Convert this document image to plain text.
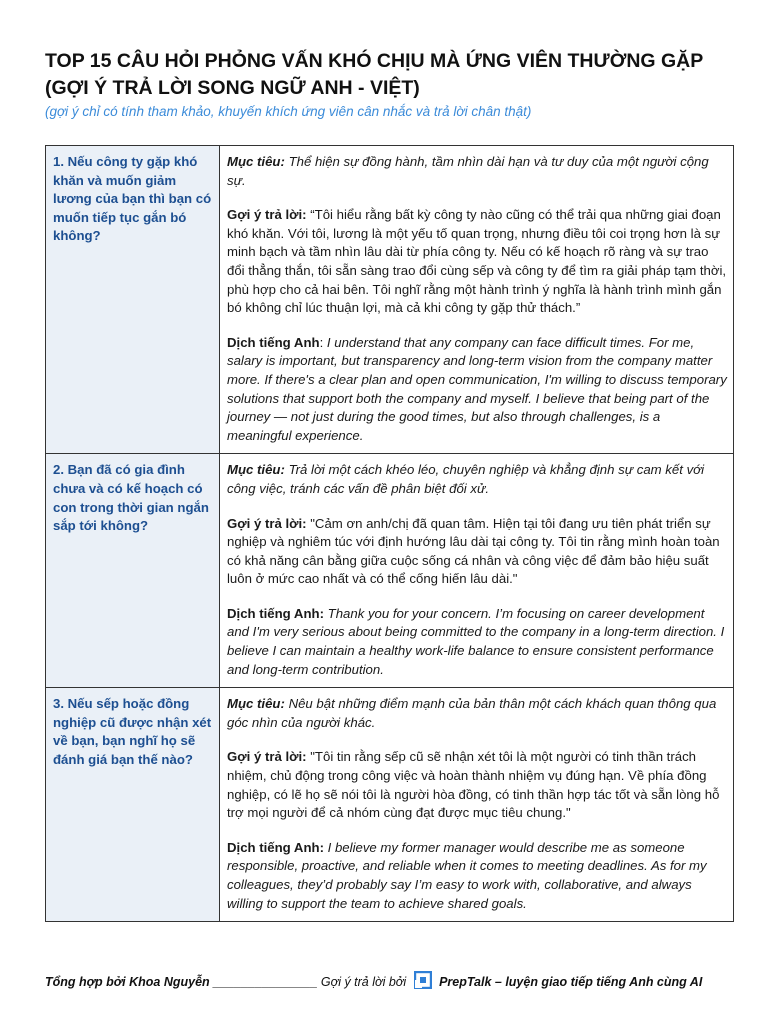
TOP 15 CÂU HỎI PHỎNG VẤN KHÓ CHỊU MÀ ỨNG VIÊN THƯỜNG GẶP (GỢI Ý TRẢ LỜI SONG NGỮ ANH - VIỆT)

(gợi ý chỉ có tính tham khảo, khuyến khích ứng viên cân nhắc và trả lời chân thật)

1. Nếu công ty gặp khó khăn và muốn giảm lương của bạn thì bạn có muốn tiếp tục gắn bó không?	Mục tiêu: Thể hiện sự đồng hành, tầm nhìn dài hạn và tư duy của một người cộng sự.

Gợi ý trả lời: “Tôi hiểu rằng bất kỳ công ty nào cũng có thể trải qua những giai đoạn khó khăn. Với tôi, lương là một yếu tố quan trọng, nhưng điều tôi coi trọng hơn là sự minh bạch và tầm nhìn lâu dài từ phía công ty. Nếu có kế hoạch rõ ràng và sự trao đổi thẳng thắn, tôi sẵn sàng trao đổi cùng sếp và công ty để tìm ra giải pháp tạm thời, phù hợp cho cả hai bên. Tôi nghĩ rằng một hành trình ý nghĩa là hành trình mình gắn bó không chỉ lúc thuận lợi, mà cả khi công ty gặp thử thách.”

Dịch tiếng Anh: I understand that any company can face difficult times. For me, salary is important, but transparency and long-term vision from the company matter more. If there's a clear plan and open communication, I'm willing to discuss temporary solutions that support both the company and myself. I believe that being part of the journey — not just during the good times, but also through challenges, is a meaningful experience.

2. Bạn đã có gia đình chưa và có kế hoạch có con trong thời gian ngắn sắp tới không?	Mục tiêu: Trả lời một cách khéo léo, chuyên nghiệp và khẳng định sự cam kết với công việc, tránh các vấn đề phân biệt đối xử.

Gợi ý trả lời: "Cảm ơn anh/chị đã quan tâm. Hiện tại tôi đang ưu tiên phát triển sự nghiệp và nghiêm túc với định hướng lâu dài tại công ty. Tôi tin rằng mình hoàn toàn có khả năng cân bằng giữa cuộc sống cá nhân và công việc để đảm bảo hiệu suất luôn ở mức cao nhất và có thể cống hiến lâu dài."

Dịch tiếng Anh: Thank you for your concern. I’m focusing on career development and I'm very serious about being committed to the company in a long-term direction. I believe I can maintain a healthy work-life balance to ensure consistent performance and long-term contribution.

3. Nếu sếp hoặc đồng nghiệp cũ được nhận xét về bạn, bạn nghĩ họ sẽ đánh giá bạn thế nào?	Mục tiêu: Nêu bật những điểm mạnh của bản thân một cách khách quan thông qua góc nhìn của người khác.

Gợi ý trả lời: "Tôi tin rằng sếp cũ sẽ nhận xét tôi là một người có tinh thần trách nhiệm, chủ động trong công việc và hoàn thành nhiệm vụ đúng hạn. Về phía đồng nghiệp, có lẽ họ sẽ nói tôi là người hòa đồng, có tinh thần hợp tác tốt và sẵn lòng hỗ trợ mọi người để cả nhóm cùng đạt được mục tiêu chung."

Dịch tiếng Anh: I believe my former manager would describe me as someone responsible, proactive, and reliable when it comes to meeting deadlines. As for my colleagues, they’d probably say I’m easy to work with, collaborative, and always willing to support the team to achieve shared goals.

Tổng hợp bởi Khoa Nguyễn _______________ Gợi ý trả lời bởi	PrepTalk – luyện giao tiếp tiếng Anh cùng AI
